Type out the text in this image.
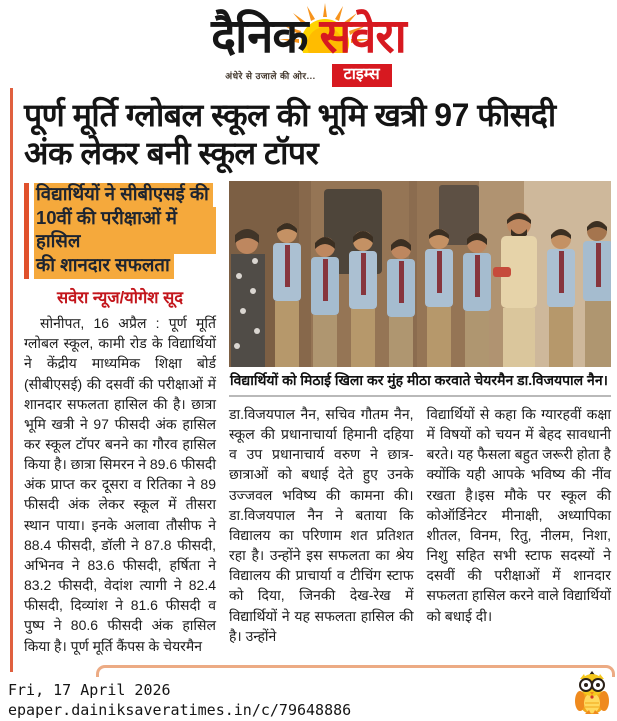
दैनिक सवेरा
अंधेरे से उजाले की ओर...	टाइम्स
पूर्ण मूर्ति ग्लोबल स्कूल की भूमि खत्री 97 फीसदी अंक लेकर बनी स्कूल टॉपर
विद्यार्थियों ने सीबीएसई की
10वीं की परीक्षाओं में हासिल
की शानदार सफलता
सवेरा न्यूज/योगेश सूद

सोनीपत, 16 अप्रैल : पूर्ण मूर्ति ग्लोबल स्कूल, कामी रोड के विद्यार्थियों ने केंद्रीय माध्यमिक शिक्षा बोर्ड (सीबीएसई) की दसवीं की परीक्षाओं में शानदार सफलता हासिल की है। छात्रा भूमि खत्री ने 97 फीसदी अंक हासिल कर स्कूल टॉपर बनने का गौरव हासिल किया है। छात्रा सिमरन ने 89.6 फीसदी अंक प्राप्त कर दूसरा व रितिका ने 89 फीसदी अंक लेकर स्कूल में तीसरा स्थान पाया। इनके अलावा तौसीफ ने 88.4 फीसदी, डॉली ने 87.8 फीसदी, अभिनव ने 83.6 फीसदी, हर्षिता ने 83.2 फीसदी, वेदांश त्यागी ने 82.4 फीसदी, दिव्यांश ने 81.6 फीसदी व पुष्प ने 80.6 फीसदी अंक हासिल किया है। पूर्ण मूर्ति कैंपस के चेयरमैन

विद्यार्थियों को मिठाई खिला कर मुंह मीठा करवाते चेयरमैन डा.विजयपाल नैन।

डा.विजयपाल नैन, सचिव गौतम नैन, स्कूल की प्रधानाचार्या हिमानी दहिया व उप प्रधानाचार्य वरुण ने छात्र-छात्राओं को बधाई देते हुए उनके उज्जवल भविष्य की कामना की। डा.विजयपाल नैन ने बताया कि विद्यालय का परिणाम शत प्रतिशत रहा है। उन्होंने इस सफलता का श्रेय विद्यालय की प्राचार्या व टीचिंग स्टाफ को दिया, जिनकी देख-रेख में विद्यार्थियों ने यह सफलता हासिल की है। उन्होंने

विद्यार्थियों से कहा कि ग्यारहवीं कक्षा में विषयों को चयन में बेहद सावधानी बरते। यह फैसला बहुत जरूरी होता है क्योंकि यही आपके भविष्य की नींव रखता है।इस मौके पर स्कूल की कोऑर्डिनेटर मीनाक्षी, अध्यापिका शीतल, विनम, रितु, नीलम, निशा, निशु सहित सभी स्टाफ सदस्यों ने दसवीं की परीक्षाओं में शानदार सफलता हासिल करने वाले विद्यार्थियों को बधाई दी।

Fri, 17 April 2026
epaper.dainiksaveratimes.in/c/79648886
